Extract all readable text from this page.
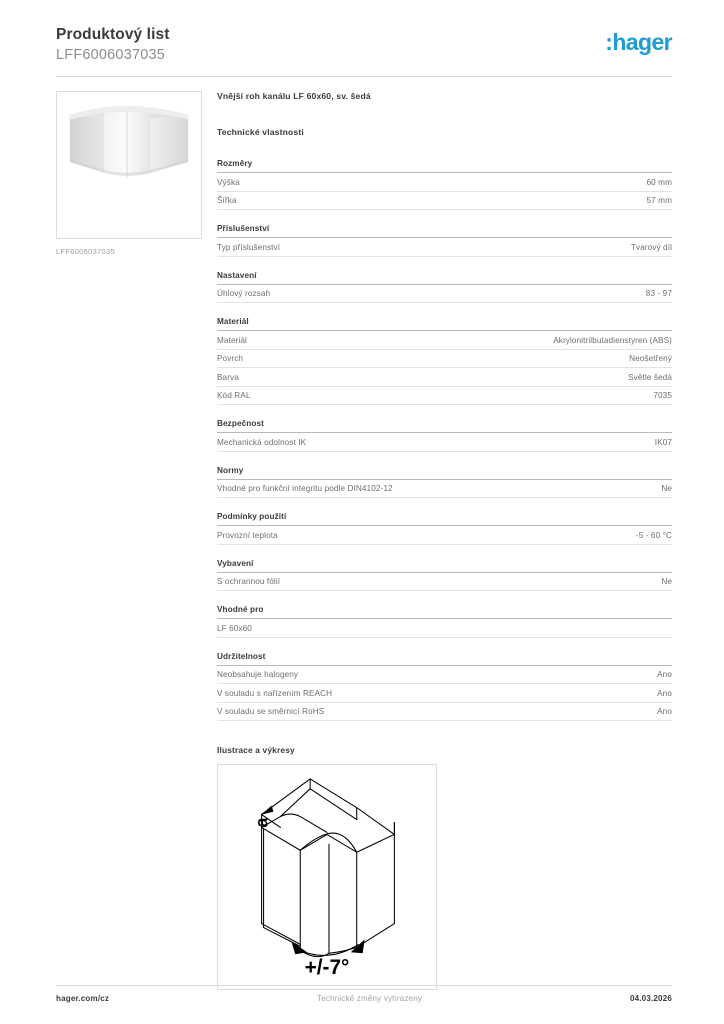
Produktový list
LFF6006037035	:hager
LFF6006037035
Vnější roh kanálu LF 60x60, sv. šedá
Technické vlastnosti
Rozměry
Výška	60 mm
Šířka	57 mm
Příslušenství
Typ příslušenství	Tvarový díl
Nastavení
Úhlový rozsah	83 - 97
Materiál
Materiál	Akrylonitrilbutadienstyren (ABS)
Povrch	Neošetřený
Barva	Světle šedá
Kód RAL	7035
Bezpečnost
Mechanická odolnost IK	IK07
Normy
Vhodné pro funkční integritu podle DIN4102-12	Ne
Podmínky použití
Provozní teplota	-5 - 60 °C
Vybavení
S ochrannou fólií	Ne
Vhodné pro
LF 60x60
Udržitelnost
Neobsahuje halogeny	Ano
V souladu s nařízením REACH	Ano
V souladu se směrnicí RoHS	Ano
Ilustrace a výkresy
a
+/-7°
hager.com/cz	Technické změny vyhrazeny	04.03.2026
